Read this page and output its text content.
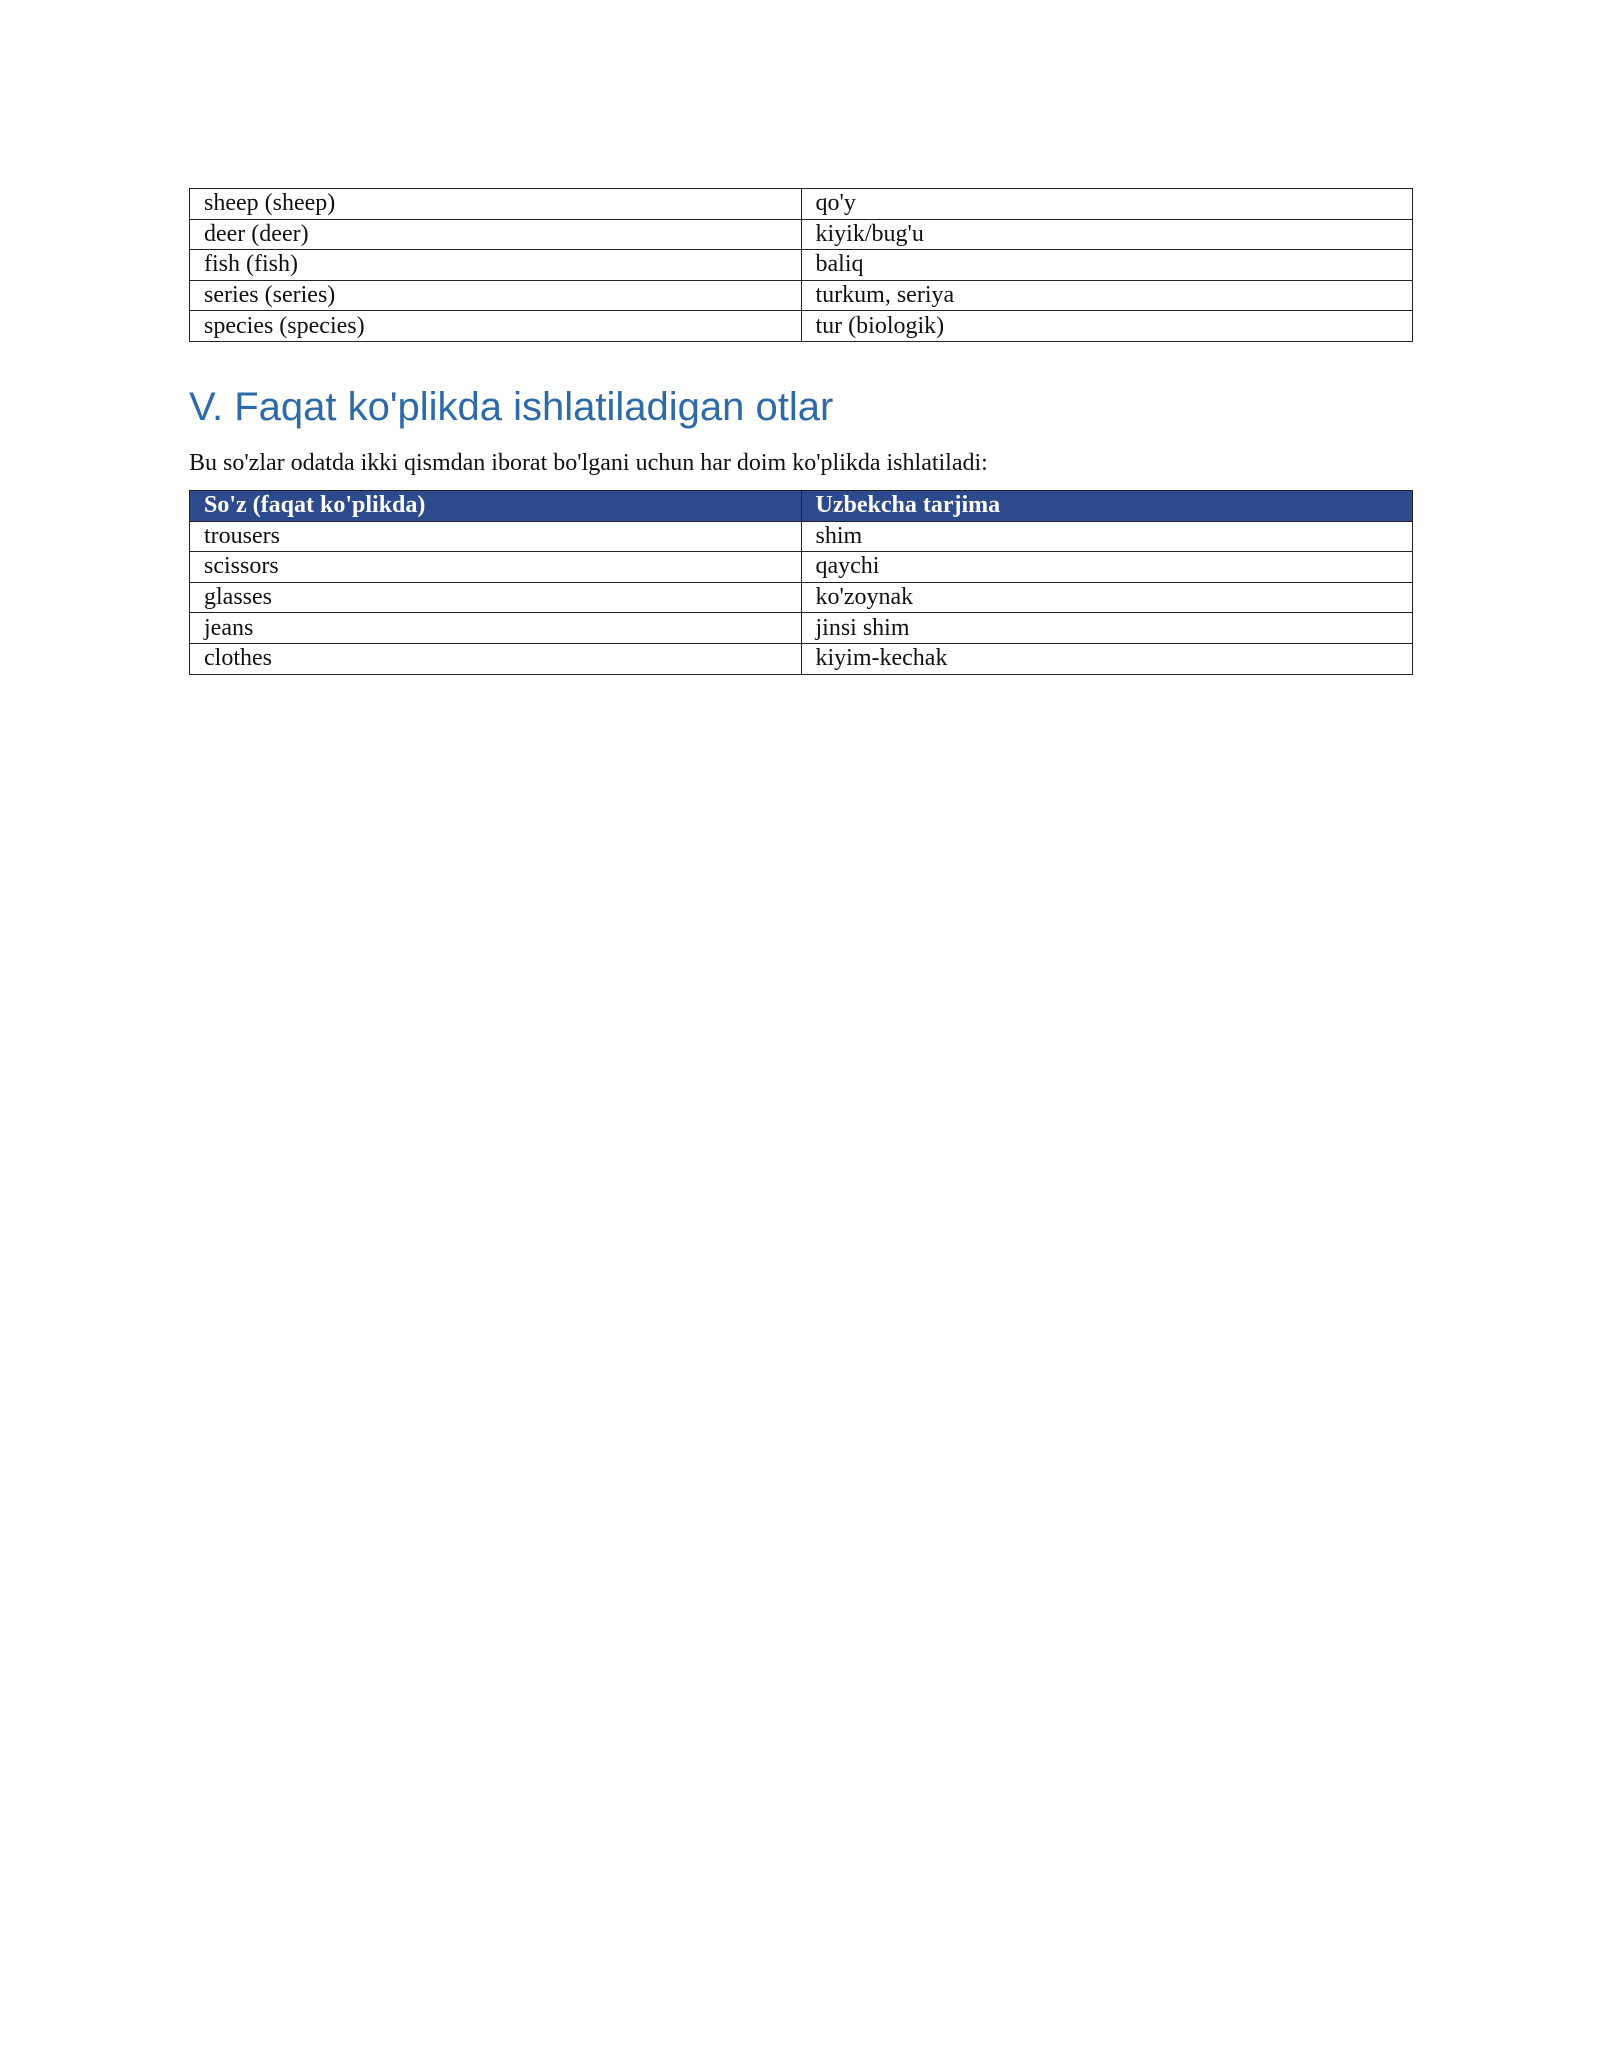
sheep (sheep)	qo'y
deer (deer)	kiyik/bug'u
fish (fish)	baliq
series (series)	turkum, seriya
species (species)	tur (biologik)
V. Faqat ko'plikda ishlatiladigan otlar

Bu so'zlar odatda ikki qismdan iborat bo'lgani uchun har doim ko'plikda ishlatiladi:

So'z (faqat ko'plikda)	Uzbekcha tarjima
trousers	shim
scissors	qaychi
glasses	ko'zoynak
jeans	jinsi shim
clothes	kiyim-kechak
